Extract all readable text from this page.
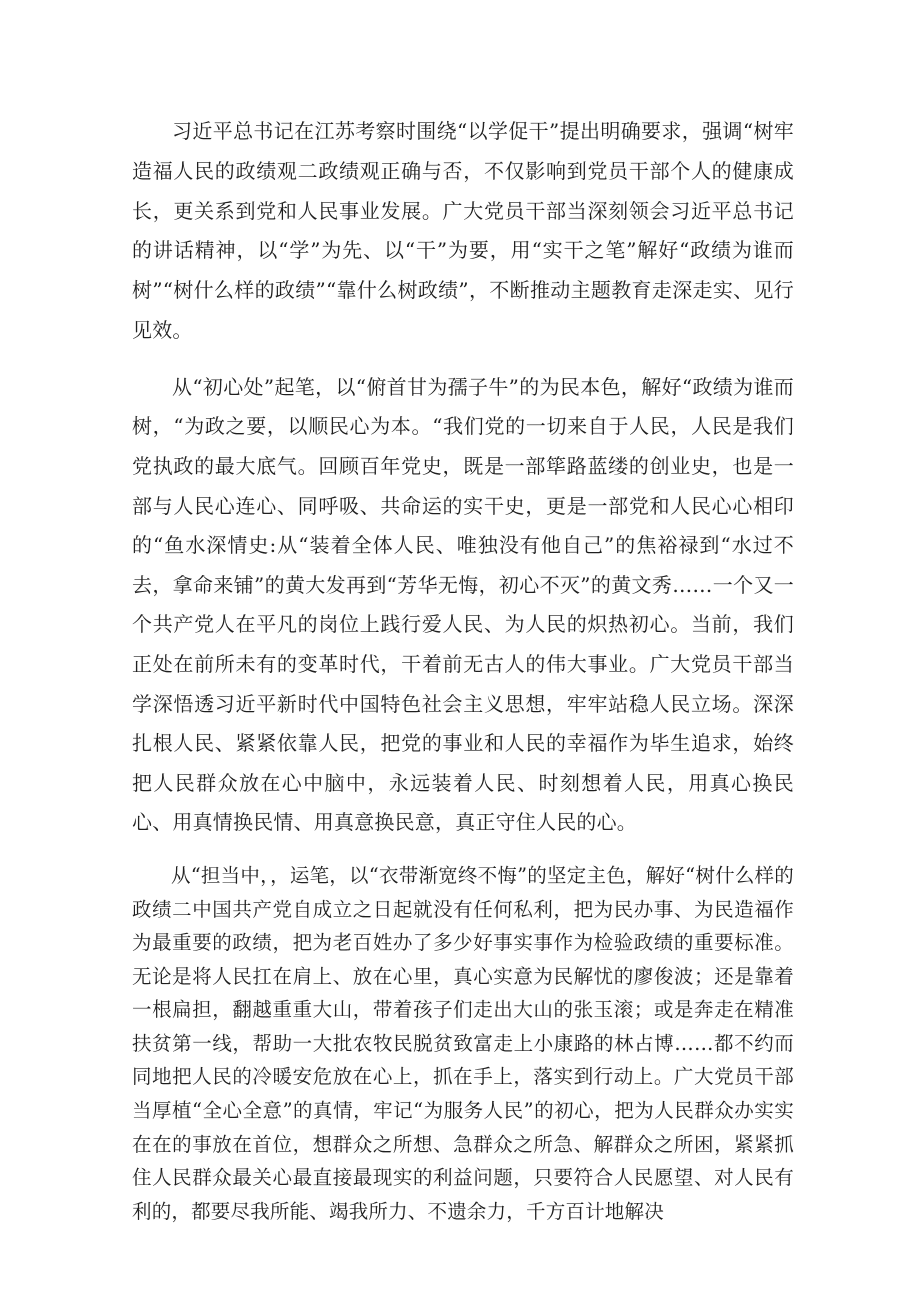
习近平总书记在江苏考察时围绕“以学促干”提出明确要求，强调“树牢造福人民的政绩观二政绩观正确与否，不仅影响到党员干部个人的健康成长，更关系到党和人民事业发展。广大党员干部当深刻领会习近平总书记的讲话精神，以“学”为先、以“干”为要，用“实干之笔”解好“政绩为谁而树”“树什么样的政绩”“靠什么树政绩”，不断推动主题教育走深走实、见行见效。

从“初心处”起笔，以“俯首甘为孺子牛”的为民本色，解好“政绩为谁而树，“为政之要，以顺民心为本。“我们党的一切来自于人民，人民是我们党执政的最大底气。回顾百年党史，既是一部筚路蓝缕的创业史，也是一部与人民心连心、同呼吸、共命运的实干史，更是一部党和人民心心相印的“鱼水深情史:从“装着全体人民、唯独没有他自己”的焦裕禄到“水过不去，拿命来铺”的黄大发再到“芳华无悔，初心不灭”的黄文秀……一个又一个共产党人在平凡的岗位上践行爱人民、为人民的炽热初心。当前，我们正处在前所未有的变革时代，干着前无古人的伟大事业。广大党员干部当学深悟透习近平新时代中国特色社会主义思想，牢牢站稳人民立场。深深扎根人民、紧紧依靠人民，把党的事业和人民的幸福作为毕生追求，始终把人民群众放在心中脑中，永远装着人民、时刻想着人民，用真心换民心、用真情换民情、用真意换民意，真正守住人民的心。

从“担当中，，运笔，以“衣带渐宽终不悔”的坚定主色，解好“树什么样的政绩二中国共产党自成立之日起就没有任何私利，把为民办事、为民造福作为最重要的政绩，把为老百姓办了多少好事实事作为检验政绩的重要标准。无论是将人民扛在肩上、放在心里，真心实意为民解忧的廖俊波；还是靠着一根扁担，翻越重重大山，带着孩子们走出大山的张玉滚；或是奔走在精准扶贫第一线，帮助一大批农牧民脱贫致富走上小康路的林占博……都不约而同地把人民的冷暖安危放在心上，抓在手上，落实到行动上。广大党员干部当厚植“全心全意”的真情，牢记“为服务人民”的初心，把为人民群众办实实在在的事放在首位，想群众之所想、急群众之所急、解群众之所困，紧紧抓住人民群众最关心最直接最现实的利益问题，只要符合人民愿望、对人民有利的，都要尽我所能、竭我所力、不遗余力，千方百计地解决
